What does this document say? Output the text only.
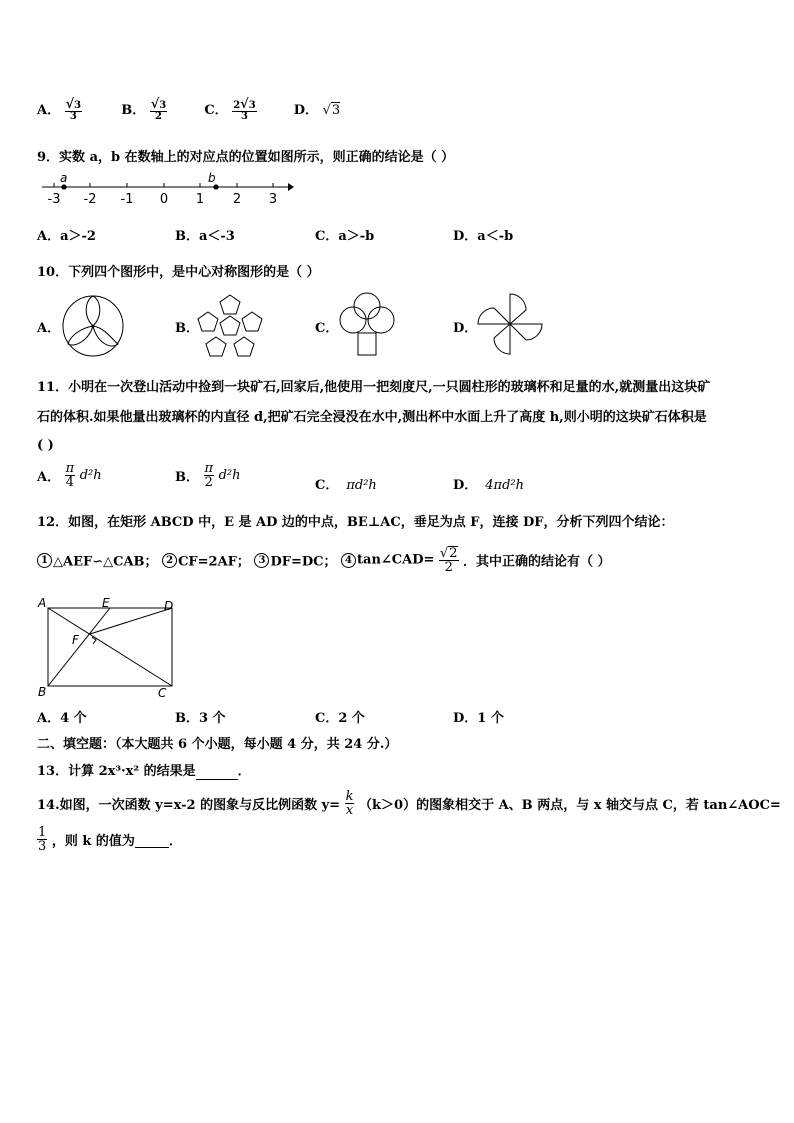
A． $\frac{√3}{3}$	B． $\frac{√3}{2}$	C． $\frac{2√3}{3}$	D． √3
9．实数 a，b 在数轴上的对应点的位置如图所示，则正确的结论是（ ）
-3 -2 -1 0 1 2 3
a	b
A．a＞-2	B．a＜-3	C．a＞-b	D．a＜-b
10．下列四个图形中，是中心对称图形的是（ ）
A．	B．	C．	D．
11．小明在一次登山活动中捡到一块矿石,回家后,他使用一把刻度尺,一只圆柱形的玻璃杯和足量的水,就测量出这块矿
石的体积.如果他量出玻璃杯的内直径 d,把矿石完全浸没在水中,测出杯中水面上升了高度 h,则小明的这块矿石体积是
( )
A． $\frac{\pi}{4} d^2h$	B． $\frac{\pi}{2} d^2h$
C． πd²h	D． 4πd²h
12．如图，在矩形 ABCD 中，E 是 AD 边的中点，BE⊥AC，垂足为点 F，连接 DF，分析下列四个结论：
1 △AEF∽△CAB； 2 CF=2AF； 3 DF=DC； 4 tan∠CAD= $\frac{√2}{2}$ ．其中正确的结论有（ ）
A	E	D
F
B	C
A．4 个	B．3 个	C．2 个	D．1 个
二、填空题：（本大题共 6 个小题，每小题 4 分，共 24 分.）
13．计算 2x³·x² 的结果是	．
14.如图，一次函数 y=x-2 的图象与反比例函数 $y= \frac{k}{x} (k>0)$的图象相交于 A、B 两点，与 x 轴交与点 C，若 tan∠AOC=
$\frac{1}{3}$ ，则 k 的值为	．
